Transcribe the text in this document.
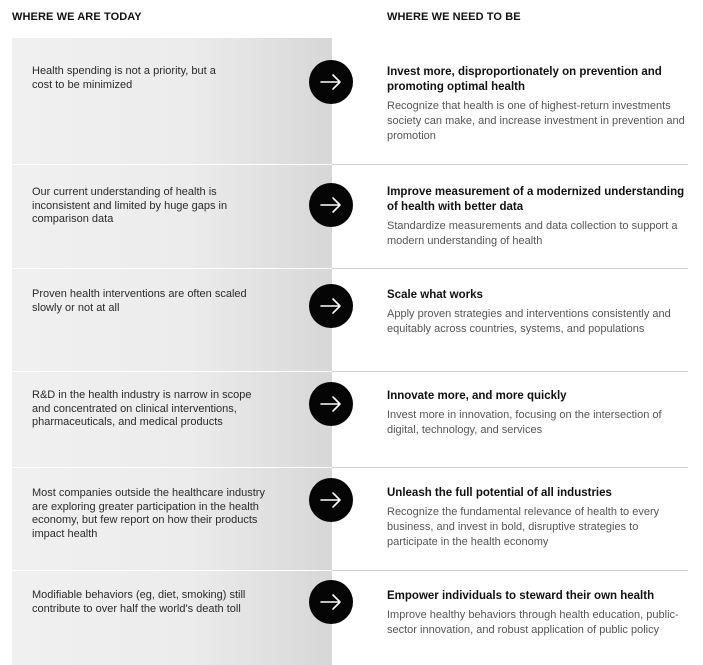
WHERE WE ARE TODAY	WHERE WE NEED TO BE
Health spending is not a priority, but a cost to be minimized
Invest more, disproportionately on prevention and promoting optimal health
Recognize that health is one of highest-return investments society can make, and increase investment in prevention and promotion
Our current understanding of health is inconsistent and limited by huge gaps in comparison data
Improve measurement of a modernized understanding of health with better data
Standardize measurements and data collection to support a modern understanding of health
Proven health interventions are often scaled slowly or not at all
Scale what works
Apply proven strategies and interventions consistently and equitably across countries, systems, and populations
R&D in the health industry is narrow in scope and concentrated on clinical interventions, pharmaceuticals, and medical products
Innovate more, and more quickly
Invest more in innovation, focusing on the intersection of digital, technology, and services
Most companies outside the healthcare industry are exploring greater participation in the health economy, but few report on how their products impact health
Unleash the full potential of all industries
Recognize the fundamental relevance of health to every business, and invest in bold, disruptive strategies to participate in the health economy
Modifiable behaviors (eg, diet, smoking) still contribute to over half the world's death toll
Empower individuals to steward their own health
Improve healthy behaviors through health education, public-sector innovation, and robust application of public policy
